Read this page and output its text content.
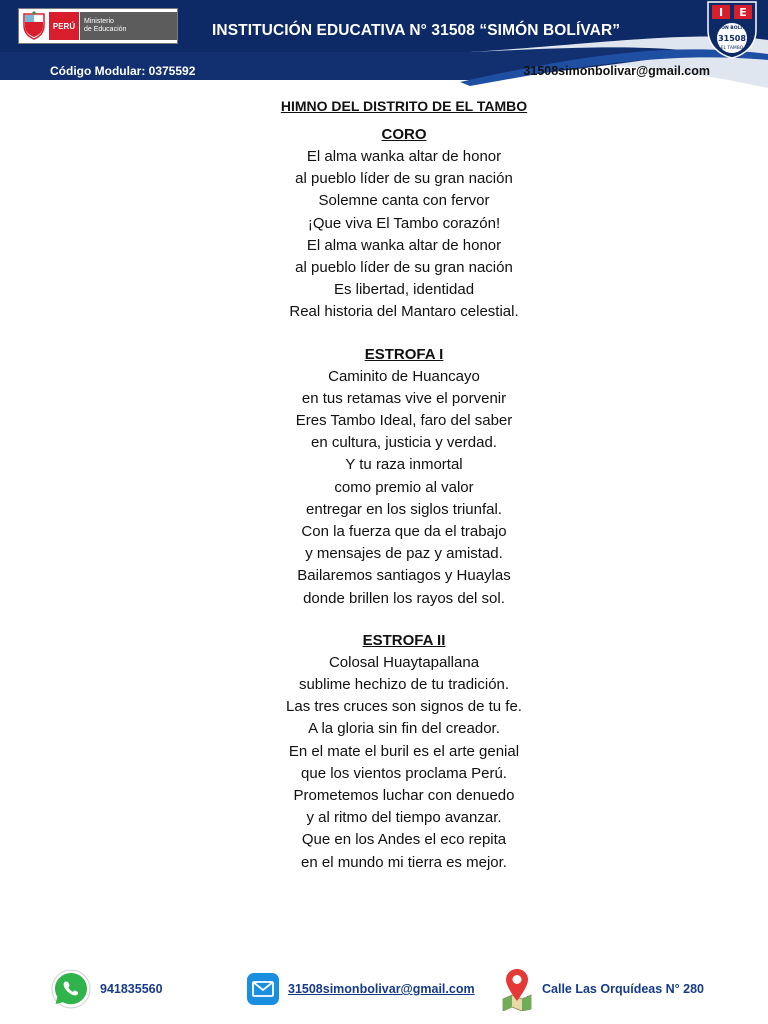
PERÚ	Ministerio
de Educación	INSTITUCIÓN EDUCATIVA N° 31508 “SIMÓN BOLÍVAR”
Código Modular: 0375592	31508simonbolivar@gmail.com
I E
SIMÓN BOLÍVAR
31508
EL TAMBO
HIMNO DEL DISTRITO DE EL TAMBO
CORO
El alma wanka altar de honor
al pueblo líder de su gran nación
Solemne canta con fervor
¡Que viva El Tambo corazón!
El alma wanka altar de honor
al pueblo líder de su gran nación
Es libertad, identidad
Real historia del Mantaro celestial.
ESTROFA I
Caminito de Huancayo
en tus retamas vive el porvenir
Eres Tambo Ideal, faro del saber
en cultura, justicia y verdad.
Y tu raza inmortal
como premio al valor
entregar en los siglos triunfal.
Con la fuerza que da el trabajo
y mensajes de paz y amistad.
Bailaremos santiagos y Huaylas
donde brillen los rayos del sol.
ESTROFA II
Colosal Huaytapallana
sublime hechizo de tu tradición.
Las tres cruces son signos de tu fe.
A la gloria sin fin del creador.
En el mate el buril es el arte genial
que los vientos proclama Perú.
Prometemos luchar con denuedo
y al ritmo del tiempo avanzar.
Que en los Andes el eco repita
en el mundo mi tierra es mejor.
941835560	31508simonbolivar@gmail.com	Calle Las Orquídeas N° 280
